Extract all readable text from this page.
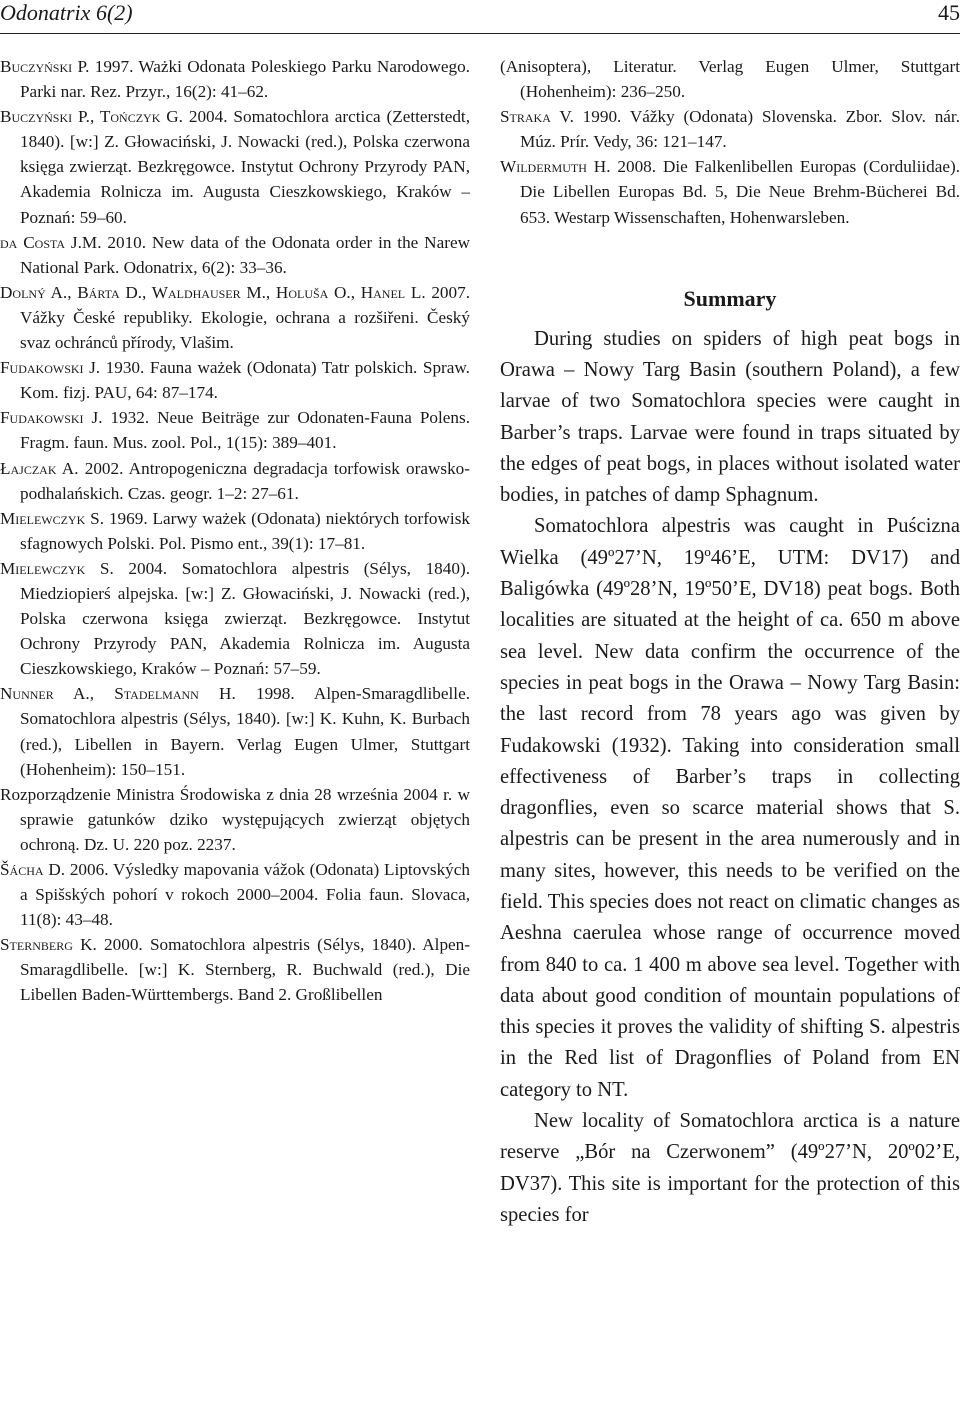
Odonatrix 6(2)	45

Buczyński P. 1997. Ważki Odonata Poleskiego Parku Narodowego. Parki nar. Rez. Przyr., 16(2): 41–62.

Buczyński P., Tończyk G. 2004. Somatochlora arctica (Zetterstedt, 1840). [w:] Z. Głowaciński, J. Nowacki (red.), Polska czerwona księga zwierząt. Bezkręgowce. Instytut Ochrony Przyrody PAN, Akademia Rolnicza im. Augusta Cieszkowskiego, Kraków – Poznań: 59–60.

da Costa J.M. 2010. New data of the Odonata order in the Narew National Park. Odonatrix, 6(2): 33–36.

Dolný A., Bárta D., Waldhauser M., Holuša O., Hanel L. 2007. Vážky České republiky. Ekologie, ochrana a rozšiřeni. Český svaz ochránců přírody, Vlašim.

Fudakowski J. 1930. Fauna ważek (Odonata) Tatr polskich. Spraw. Kom. fizj. PAU, 64: 87–174.

Fudakowski J. 1932. Neue Beiträge zur Odonaten-Fauna Polens. Fragm. faun. Mus. zool. Pol., 1(15): 389–401.

Łajczak A. 2002. Antropogeniczna degradacja torfowisk orawsko-podhalańskich. Czas. geogr. 1–2: 27–61.

Mielewczyk S. 1969. Larwy ważek (Odonata) niektórych torfowisk sfagnowych Polski. Pol. Pismo ent., 39(1): 17–81.

Mielewczyk S. 2004. Somatochlora alpestris (Sélys, 1840). Miedziopierś alpejska. [w:] Z. Głowaciński, J. Nowacki (red.), Polska czerwona księga zwierząt. Bezkręgowce. Instytut Ochrony Przyrody PAN, Akademia Rolnicza im. Augusta Cieszkowskiego, Kraków – Poznań: 57–59.

Nunner A., Stadelmann H. 1998. Alpen-Smaragdlibelle. Somatochlora alpestris (Sélys, 1840). [w:] K. Kuhn, K. Burbach (red.), Libellen in Bayern. Verlag Eugen Ulmer, Stuttgart (Hohenheim): 150–151.

Rozporządzenie Ministra Środowiska z dnia 28 września 2004 r. w sprawie gatunków dziko występujących zwierząt objętych ochroną. Dz. U. 220 poz. 2237.

Šácha D. 2006. Výsledky mapovania vážok (Odonata) Liptovských a Spišských pohorí v rokoch 2000–2004. Folia faun. Slovaca, 11(8): 43–48.

Sternberg K. 2000. Somatochlora alpestris (Sélys, 1840). Alpen-Smaragdlibelle. [w:] K. Sternberg, R. Buchwald (red.), Die Libellen Baden-Württembergs. Band 2. Großlibellen

(Anisoptera), Literatur. Verlag Eugen Ulmer, Stuttgart (Hohenheim): 236–250.

Straka V. 1990. Vážky (Odonata) Slovenska. Zbor. Slov. nár. Múz. Prír. Vedy, 36: 121–147.

Wildermuth H. 2008. Die Falkenlibellen Europas (Corduliidae). Die Libellen Europas Bd. 5, Die Neue Brehm-Bücherei Bd. 653. Westarp Wissenschaften, Hohenwarsleben.

Summary

During studies on spiders of high peat bogs in Orawa – Nowy Targ Basin (southern Poland), a few larvae of two Somatochlora species were caught in Barber’s traps. Larvae were found in traps situated by the edges of peat bogs, in places without isolated water bodies, in patches of damp Sphagnum.

Somatochlora alpestris was caught in Puścizna Wielka (49º27’N, 19º46’E, UTM: DV17) and Baligówka (49º28’N, 19º50’E, DV18) peat bogs. Both localities are situated at the height of ca. 650 m above sea level. New data confirm the occurrence of the species in peat bogs in the Orawa – Nowy Targ Basin: the last record from 78 years ago was given by Fudakowski (1932). Taking into consideration small effectiveness of Barber’s traps in collecting dragonflies, even so scarce material shows that S. alpestris can be present in the area numerously and in many sites, however, this needs to be verified on the field. This species does not react on climatic changes as Aeshna caerulea whose range of occurrence moved from 840 to ca. 1 400 m above sea level. Together with data about good condition of mountain populations of this species it proves the validity of shifting S. alpestris in the Red list of Dragonflies of Poland from EN category to NT.

New locality of Somatochlora arctica is a nature reserve „Bór na Czerwonem” (49º27’N, 20º02’E, DV37). This site is important for the protection of this species for
